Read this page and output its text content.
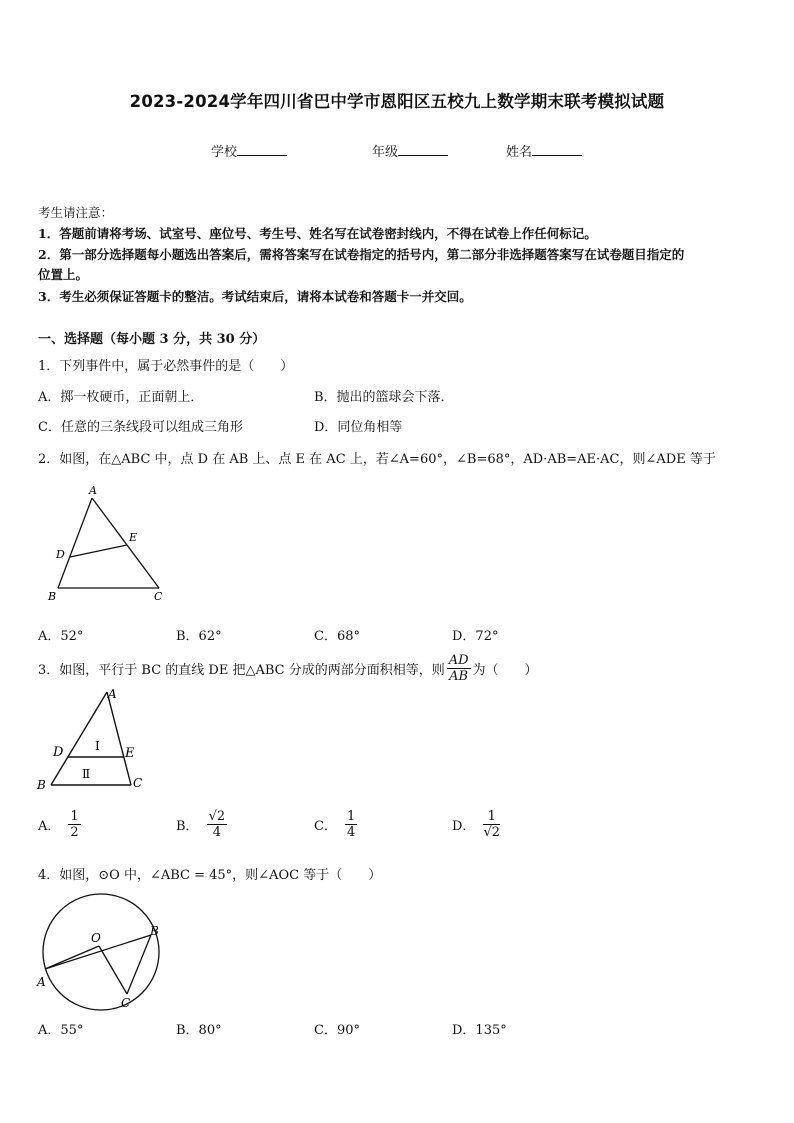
2023-2024学年四川省巴中学市恩阳区五校九上数学期末联考模拟试题
学校	年级	姓名
考生请注意：
1．答题前请将考场、试室号、座位号、考生号、姓名写在试卷密封线内，不得在试卷上作任何标记。
2．第一部分选择题每小题选出答案后，需将答案写在试卷指定的括号内，第二部分非选择题答案写在试卷题目指定的
位置上。
3．考生必须保证答题卡的整洁。考试结束后，请将本试卷和答题卡一并交回。
一、选择题（每小题 3 分，共 30 分）
1．下列事件中，属于必然事件的是（　　）
A．掷一枚硬币，正面朝上．	B．抛出的篮球会下落．
C．任意的三条线段可以组成三角形	D．同位角相等
2．如图，在△ABC 中，点 D 在 AB 上、点 E 在 AC 上，若∠A=60°，∠B=68°，AD·AB=AE·AC，则∠ADE 等于
A
B	C
D
E
A．52°	B．62°	C．68°	D．72°
3．如图，平行于 BC 的直线 DE 把△ABC 分成的两部分面积相等，则 $\frac{AD}{AB}$ 为（　　）
A
B	C
D	E
Ⅰ
Ⅱ
A． $\frac{1}{2}$	B． $\frac{√2}{4}$	C． $\frac{1}{4}$	D． $\frac{1}{√2}$
4．如图，⊙O 中，∠ABC = 45°，则∠AOC 等于（　　）
O
A
B
C
A．55°	B．80°	C．90°	D．135°
